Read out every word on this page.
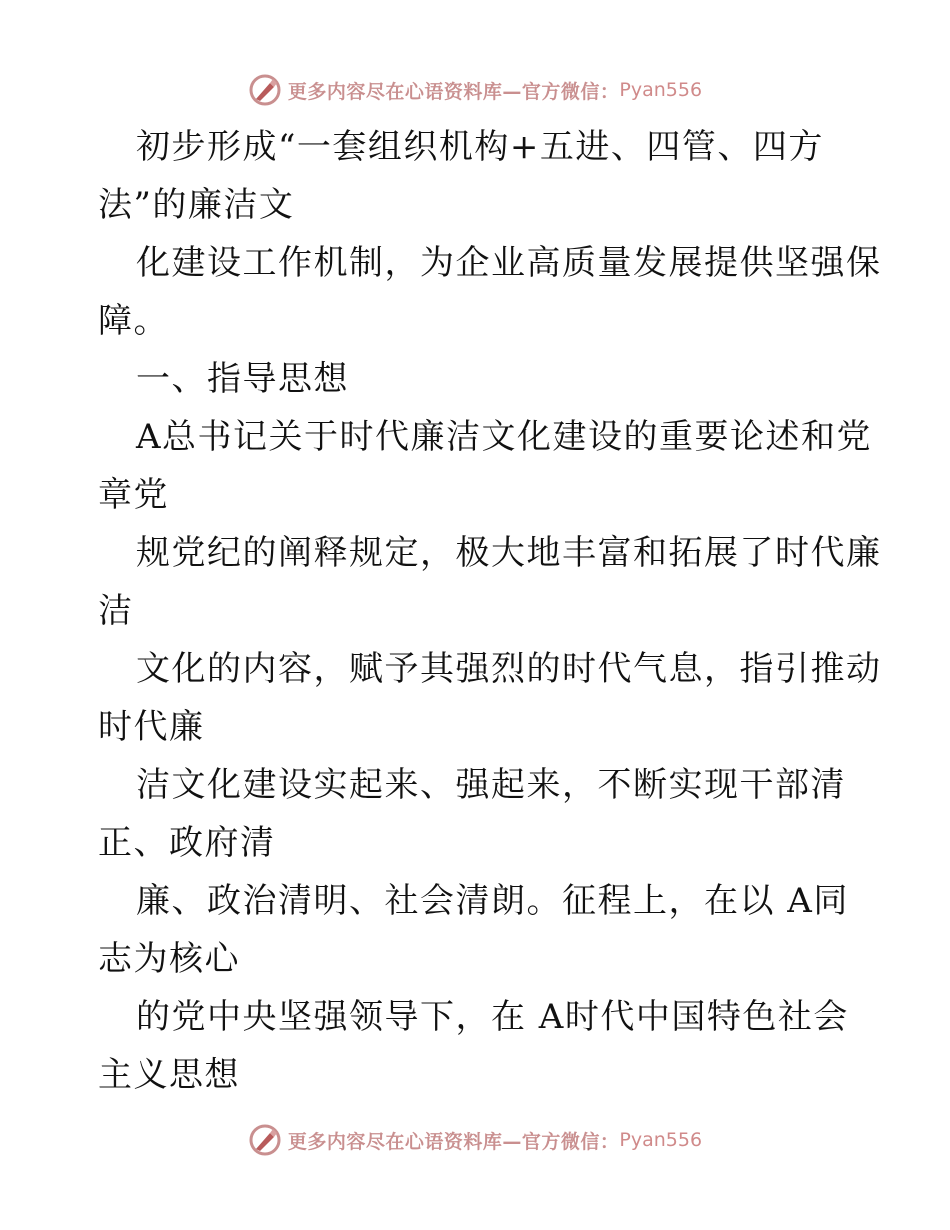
更多内容尽在心语资料库—官方微信： Pyan556
初步形成“一套组织机构+五进、四管、四方
法”的廉洁文
化建设工作机制，为企业高质量发展提供坚强保
障。
一、指导思想
A总书记关于时代廉洁文化建设的重要论述和党
章党
规党纪的阐释规定，极大地丰富和拓展了时代廉
洁
文化的内容，赋予其强烈的时代气息，指引推动
时代廉
洁文化建设实起来、强起来，不断实现干部清
正、政府清
廉、政治清明、社会清朗。征程上，在以 A同
志为核心
的党中央坚强领导下，在 A时代中国特色社会
主义思想
更多内容尽在心语资料库—官方微信： Pyan556
